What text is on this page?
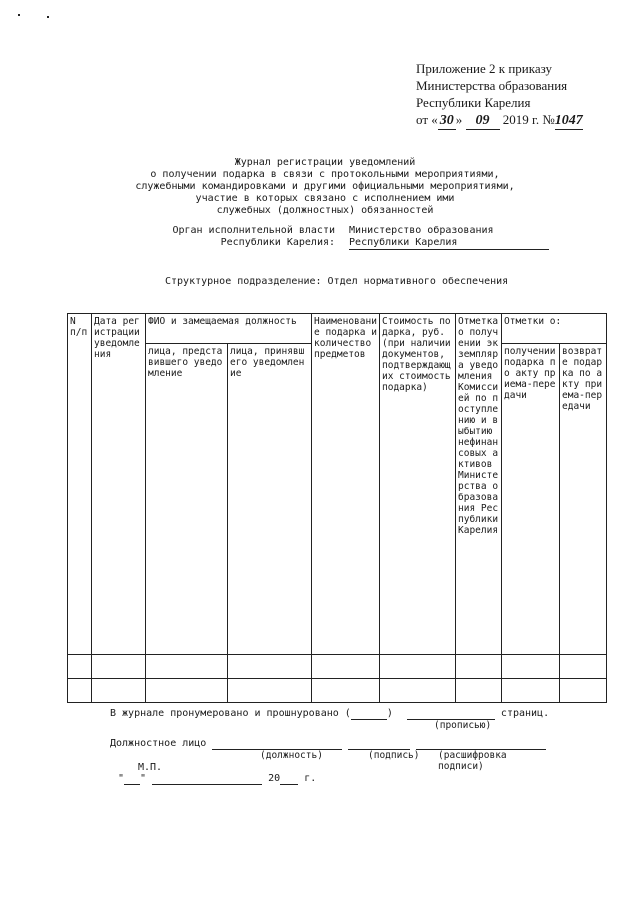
Приложение 2 к приказу
Министерства образования
Республики Карелия
от « 30 » 09 2019 г. №1047
Журнал регистрации уведомлений
о получении подарка в связи с протокольными мероприятиями,
служебными командировками и другими официальными мероприятиями,
участие в которых связано с исполнением ими
служебных (должностных) обязанностей
Орган исполнительной власти Министерство образования
Республики Карелия: Республики Карелия
Структурное подразделение: Отдел нормативного обеспечения
N п/п	Дата регистрации уведомления	ФИО и замещаемая должность		Наименование подарка и количество предметов	Стоимость подарка, руб. (при наличии документов, подтверждающих стоимость подарка)	Отметка о получении экземпляра уведомления Комиссией по поступлению и выбытию нефинансовых активов Министерства образования Республики Карелия	Отметки о:	
		лица, представившего уведомление	лица, принявшего уведомление				получении подарка по акту приема-передачи	возврате подарка по акту приема-передачи

В журнале пронумеровано и прошнуровано (	)	страниц.
(прописью)
Должностное лицо
(должность)	(подпись) (расшифровка подписи)
М.П.
" "	20 г.
